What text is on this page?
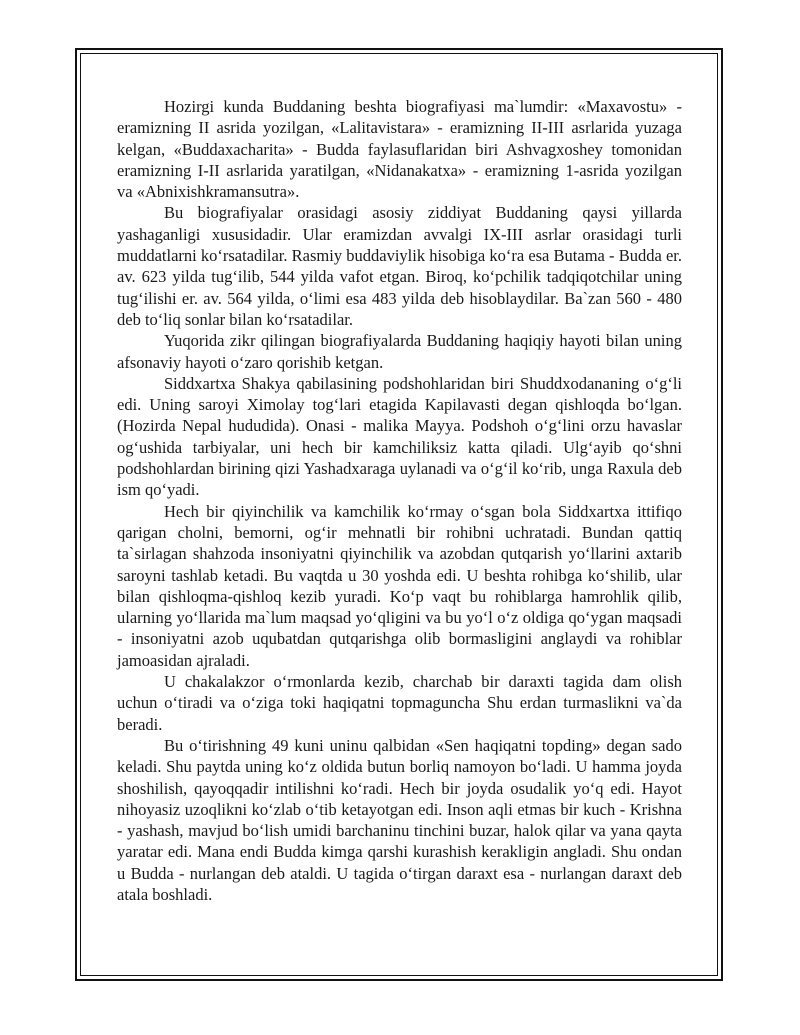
Hozirgi kunda Buddaning beshta biografiyasi ma`lumdir: «Maxavostu» - eramizning II asrida yozilgan, «Lalitavistara» - eramizning II-III asrlarida yuzaga kelgan, «Buddaxacharita» - Budda faylasuflaridan biri Ashvagxoshey tomonidan eramizning I-II asrlarida yaratilgan, «Nidanakatxa» - eramizning 1-asrida yozilgan va «Abnixishkramansutra».

Bu biografiyalar orasidagi asosiy ziddiyat Buddaning qaysi yillarda yashaganligi xususidadir. Ular eramizdan avvalgi IX-III asrlar orasidagi turli muddatlarni koʻrsatadilar. Rasmiy buddaviylik hisobiga koʻra esa Butama - Budda er. av. 623 yilda tugʻilib, 544 yilda vafot etgan. Biroq, koʻpchilik tadqiqotchilar uning tugʻilishi er. av. 564 yilda, oʻlimi esa 483 yilda deb hisoblaydilar. Ba`zan 560 - 480 deb toʻliq sonlar bilan koʻrsatadilar.

Yuqorida zikr qilingan biografiyalarda Buddaning haqiqiy hayoti bilan uning afsonaviy hayoti oʻzaro qorishib ketgan.

Siddxartxa Shakya qabilasining podshohlaridan biri Shuddxodananing oʻgʻli edi. Uning saroyi Ximolay togʻlari etagida Kapilavasti degan qishloqda boʻlgan. (Hozirda Nepal hududida). Onasi - malika Mayya. Podshoh oʻgʻlini orzu havaslar ogʻushida tarbiyalar, uni hech bir kamchiliksiz katta qiladi. Ulgʻayib qoʻshni podshohlardan birining qizi Yashadxaraga uylanadi va oʻgʻil koʻrib, unga Raxula deb ism qoʻyadi.

Hech bir qiyinchilik va kamchilik koʻrmay oʻsgan bola Siddxartxa ittifiqo qarigan cholni, bemorni, ogʻir mehnatli bir rohibni uchratadi. Bundan qattiq ta`sirlagan shahzoda insoniyatni qiyinchilik va azobdan qutqarish yoʻllarini axtarib saroyni tashlab ketadi. Bu vaqtda u 30 yoshda edi. U beshta rohibga koʻshilib, ular bilan qishloqma-qishloq kezib yuradi. Koʻp vaqt bu rohiblarga hamrohlik qilib, ularning yoʻllarida ma`lum maqsad yoʻqligini va bu yoʻl oʻz oldiga qoʻygan maqsadi - insoniyatni azob uqubatdan qutqarishga olib bormasligini anglaydi va rohiblar jamoasidan ajraladi.

U chakalakzor oʻrmonlarda kezib, charchab bir daraxti tagida dam olish uchun oʻtiradi va oʻziga toki haqiqatni topmaguncha Shu erdan turmaslikni va`da beradi.

Bu oʻtirishning 49 kuni uninu qalbidan «Sen haqiqatni topding» degan sado keladi. Shu paytda uning koʻz oldida butun borliq namoyon boʻladi. U hamma joyda shoshilish, qayoqqadir intilishni koʻradi. Hech bir joyda osudalik yoʻq edi. Hayot nihoyasiz uzoqlikni koʻzlab oʻtib ketayotgan edi. Inson aqli etmas bir kuch - Krishna - yashash, mavjud boʻlish umidi barchaninu tinchini buzar, halok qilar va yana qayta yaratar edi. Mana endi Budda kimga qarshi kurashish kerakligin angladi. Shu ondan u Budda - nurlangan deb ataldi. U tagida oʻtirgan daraxt esa - nurlangan daraxt deb atala boshladi.
